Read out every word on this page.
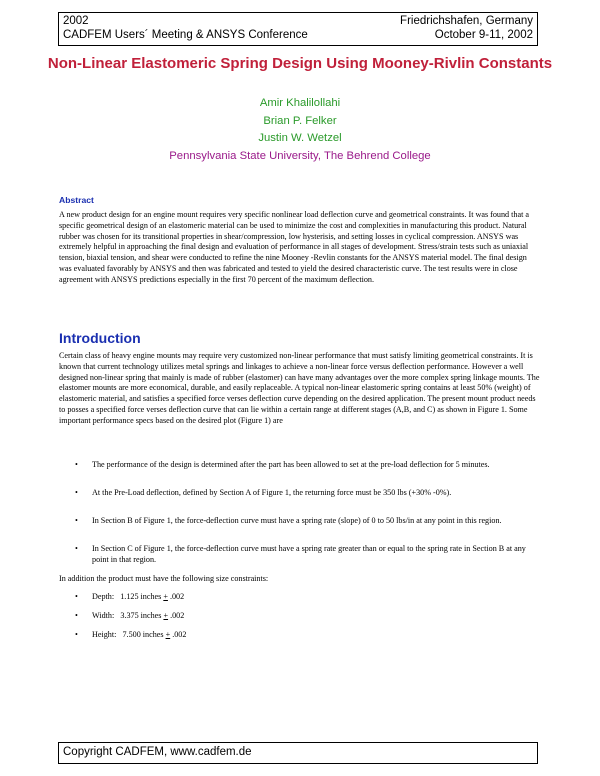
2002
CADFEM Users´ Meeting & ANSYS Conference
Friedrichshafen, Germany
October 9-11, 2002
Non-Linear Elastomeric Spring Design Using Mooney-Rivlin Constants
Amir Khalilollahi
Brian P. Felker
Justin W. Wetzel
Pennsylvania State University, The Behrend College
Abstract
A new product design for an engine mount requires very specific nonlinear load deflection curve and geometrical constraints. It was found that a specific geometrical design of an elastomeric material can be used to minimize the cost and complexities in manufacturing this product. Natural rubber was chosen for its transitional properties in shear/compression, low hysterisis, and setting losses in cyclical compression. ANSYS was extremely helpful in approaching the final design and evaluation of performance in all stages of development. Stress/strain tests such as uniaxial tension, biaxial tension, and shear were conducted to refine the nine Mooney -Revlin constants for the ANSYS material model. The final design was evaluated favorably by ANSYS and then was fabricated and tested to yield the desired characteristic curve. The test results were in close agreement with ANSYS predictions especially in the first 70 percent of the maximum deflection.
Introduction
Certain class of heavy engine mounts may require very customized non-linear performance that must satisfy limiting geometrical constraints. It is known that current technology utilizes metal springs and linkages to achieve a non-linear force versus deflection performance. However a well designed non-linear spring that mainly is made of rubber (elastomer) can have many advantages over the more complex spring linkage mounts. The elastomer mounts are more economical, durable, and easily replaceable. A typical non-linear elastomeric spring contains at least 50% (weight) of elastomeric material, and satisfies a specified force verses deflection curve depending on the desired application. The present mount product needs to posses a specified force verses deflection curve that can lie within a certain range at different stages (A,B, and C) as shown in Figure 1. Some important performance specs based on the desired plot (Figure 1) are
• The performance of the design is determined after the part has been allowed to set at the pre-load deflection for 5 minutes.
• At the Pre-Load deflection, defined by Section A of Figure 1, the returning force must be 350 lbs (+30% -0%).
• In Section B of Figure 1, the force-deflection curve must have a spring rate (slope) of 0 to 50 lbs/in at any point in this region.
• In Section C of Figure 1, the force-deflection curve must have a spring rate greater than or equal to the spring rate in Section B at any point in that region.
In addition the product must have the following size constraints:
• Depth: 1.125 inches + .002
• Width: 3.375 inches + .002
• Height: 7.500 inches + .002
Copyright CADFEM, www.cadfem.de
